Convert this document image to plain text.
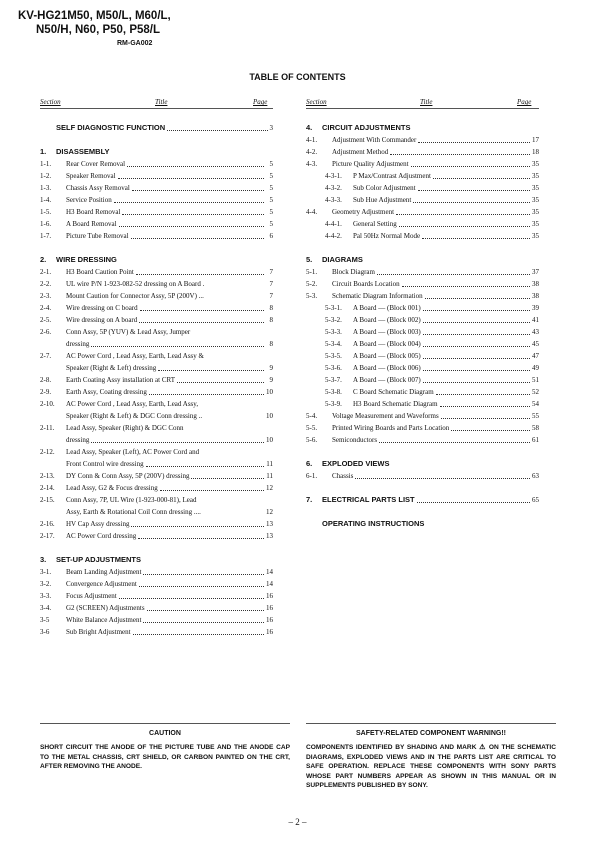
KV-HG21M50, M50/L, M60/L,
N50/H, N60, P50, P58/L
RM-GA002
TABLE OF CONTENTS
Section	Title	Page	Section	Title	Page
SELF DIAGNOSTIC FUNCTION	3
1.	DISASSEMBLY
1-1.	Rear Cover Removal	5
1-2.	Speaker Removal	5
1-3.	Chassis Assy Removal	5
1-4.	Service Position	5
1-5.	H3 Board Removal	5
1-6.	A Board Removal	5
1-7.	Picture Tube Removal	6
2.	WIRE DRESSING
2-1.	H3 Board Caution Point	7
2-2.	UL wire P/N 1-923-082-52 dressing on A Board .	7
2-3.	Mount Caution for Connector Assy, 5P (200V) ...	7
2-4.	Wire dressing on C board	8
2-5.	Wire dressing on A board	8
2-6.	Conn Assy, 5P (YUV) & Lead Assy, Jumper
dressing	8
2-7.	AC Power Cord , Lead Assy, Earth, Lead Assy &
Speaker (Right & Left) dressing	9
2-8.	Earth Coating Assy installation at CRT	9
2-9.	Earth Assy, Coating dressing	10
2-10.	AC Power Cord , Lead Assy, Earth, Lead Assy,
Speaker (Right & Left) & DGC Conn dressing ..	10
2-11.	Lead Assy, Speaker (Right) & DGC Conn
dressing	10
2-12.	Lead Assy, Speaker (Left), AC Power Cord and
Front Control wire dressing	11
2-13.	DY Conn & Conn Assy, 5P (200V) dressing	11
2-14.	Lead Assy, G2 & Focus dressing	12
2-15.	Conn Assy, 7P, UL Wire (1-923-000-81), Lead
Assy, Earth & Rotational Coil Conn dressing ....	12
2-16.	HV Cap Assy dressing	13
2-17.	AC Power Cord dressing	13
3.	SET-UP ADJUSTMENTS
3-1.	Beam Landing Adjustment	14
3-2.	Convergence Adjustment	14
3-3.	Focus Adjustment	16
3-4.	G2 (SCREEN) Adjustments	16
3-5	White Balance Adjustment	16
3-6	Sub Bright Adjustment	16
4.	CIRCUIT ADJUSTMENTS
4-1.	Adjustment With Commander	17
4-2.	Adjustment Method	18
4-3.	Picture Quality Adjustment	35
4-3-1.	P Max/Contrast Adjustment	35
4-3-2.	Sub Color Adjustment	35
4-3-3.	Sub Hue Adjustment	35
4-4.	Geometry Adjustment	35
4-4-1.	General Setting	35
4-4-2.	Pal 50Hz Normal Mode	35
5.	DIAGRAMS
5-1.	Block Diagram	37
5-2.	Circuit Boards Location	38
5-3.	Schematic Diagram Information	38
5-3-1.	A Board — (Block 001)	39
5-3-2.	A Board — (Block 002)	41
5-3-3.	A Board — (Block 003)	43
5-3-4.	A Board — (Block 004)	45
5-3-5.	A Board — (Block 005)	47
5-3-6.	A Board — (Block 006)	49
5-3-7.	A Board — (Block 007)	51
5-3-8.	C Board Schematic Diagram	52
5-3-9.	H3 Board Schematic Diagram	54
5-4.	Voltage Measurement and Waveforms	55
5-5.	Printed Wiring Boards and Parts Location	58
5-6.	Semiconductors	61
6.	EXPLODED VIEWS
6-1.	Chassis	63
7.	ELECTRICAL PARTS LIST	65
OPERATING INSTRUCTIONS
CAUTION
SHORT CIRCUIT THE ANODE OF THE PICTURE TUBE AND THE ANODE CAP TO THE METAL CHASSIS, CRT SHIELD, OR CARBON PAINTED ON THE CRT, AFTER REMOVING THE ANODE.
SAFETY-RELATED COMPONENT WARNING!!
COMPONENTS IDENTIFIED BY SHADING AND MARK ⚠ ON THE SCHEMATIC DIAGRAMS, EXPLODED VIEWS AND IN THE PARTS LIST ARE CRITICAL TO SAFE OPERATION. REPLACE THESE COMPONENTS WITH SONY PARTS WHOSE PART NUMBERS APPEAR AS SHOWN IN THIS MANUAL OR IN SUPPLEMENTS PUBLISHED BY SONY.
– 2 –
